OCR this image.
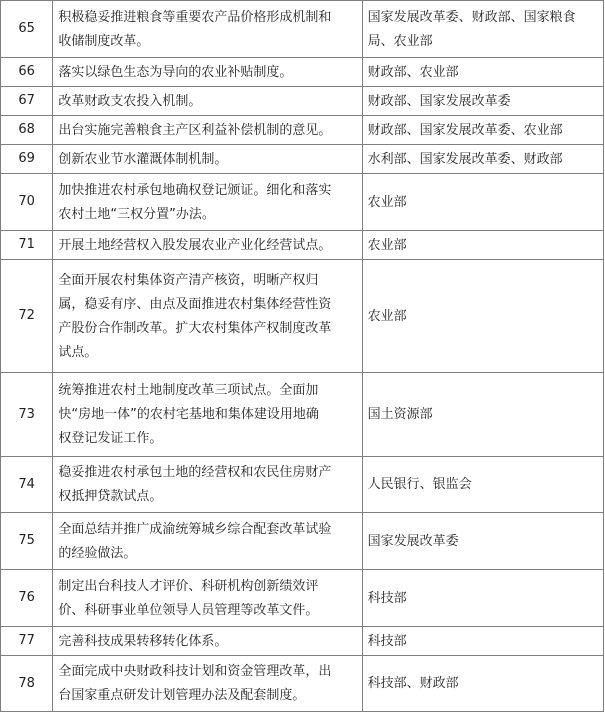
65	积极稳妥推进粮食等重要农产品价格形成机制和
收储制度改革。	国家发展改革委、财政部、国家粮食
局、农业部
66	落实以绿色生态为导向的农业补贴制度。	财政部、农业部
67	改革财政支农投入机制。	财政部、国家发展改革委
68	出台实施完善粮食主产区利益补偿机制的意见。	财政部、国家发展改革委、农业部
69	创新农业节水灌溉体制机制。	水利部、国家发展改革委、财政部
70	加快推进农村承包地确权登记颁证。细化和落实
农村土地“三权分置”办法。	农业部
71	开展土地经营权入股发展农业产业化经营试点。	农业部
72	全面开展农村集体资产清产核资，明晰产权归
属，稳妥有序、由点及面推进农村集体经营性资
产股份合作制改革。扩大农村集体产权制度改革
试点。	农业部
73	统筹推进农村土地制度改革三项试点。全面加
快“房地一体”的农村宅基地和集体建设用地确
权登记发证工作。	国土资源部
74	稳妥推进农村承包土地的经营权和农民住房财产
权抵押贷款试点。	人民银行、银监会
75	全面总结并推广成渝统筹城乡综合配套改革试验
的经验做法。	国家发展改革委
76	制定出台科技人才评价、科研机构创新绩效评
价、科研事业单位领导人员管理等改革文件。	科技部
77	完善科技成果转移转化体系。	科技部
78	全面完成中央财政科技计划和资金管理改革，出
台国家重点研发计划管理办法及配套制度。	科技部、财政部
